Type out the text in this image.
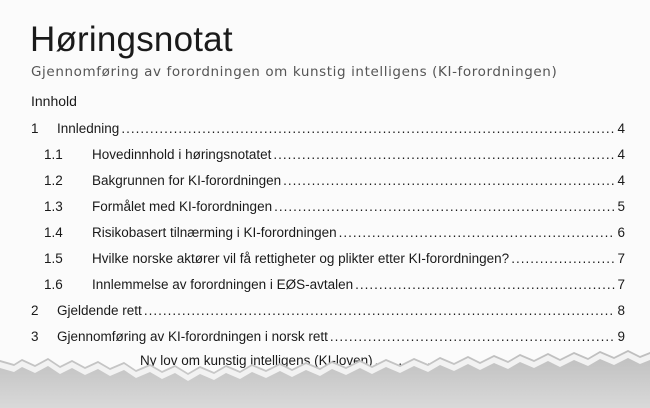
Høringsnotat
Gjennomføring av forordningen om kunstig intelligens (KI-forordningen)
Innhold
1	Innledning .....	4
1.1	Hovedinnhold i høringsnotatet .....	4
1.2	Bakgrunnen for KI-forordningen .....	4
1.3	Formålet med KI-forordningen .....	5
1.4	Risikobasert tilnærming i KI-forordningen .....	6
1.5	Hvilke norske aktører vil få rettigheter og plikter etter KI-forordningen? .....	7
1.6	Innlemmelse av forordningen i EØS-avtalen .....	7
2	Gjeldende rett .....	8
3	Gjennomføring av KI-forordningen i norsk rett .....	9
Ny lov om kunstig intelligens (KI-loven)
.....
